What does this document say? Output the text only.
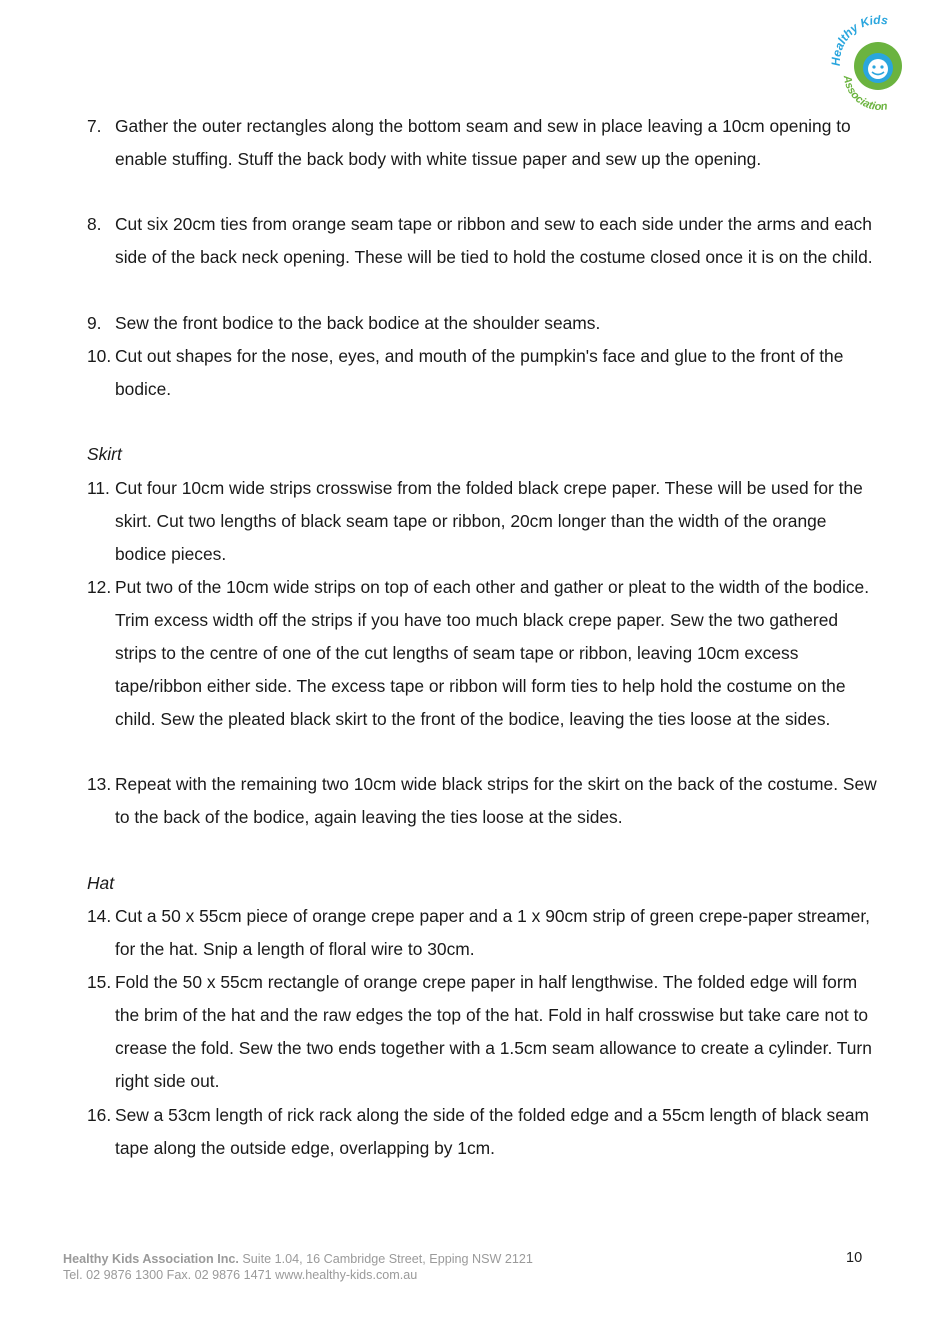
Healthy Kids
Association
7. Gather the outer rectangles along the bottom seam and sew in place leaving a 10cm opening to enable stuffing. Stuff the back body with white tissue paper and sew up the opening.
8. Cut six 20cm ties from orange seam tape or ribbon and sew to each side under the arms and each side of the back neck opening. These will be tied to hold the costume closed once it is on the child.
9. Sew the front bodice to the back bodice at the shoulder seams.
10. Cut out shapes for the nose, eyes, and mouth of the pumpkin's face and glue to the front of the bodice.
Skirt
11. Cut four 10cm wide strips crosswise from the folded black crepe paper. These will be used for the skirt. Cut two lengths of black seam tape or ribbon, 20cm longer than the width of the orange bodice pieces.
12. Put two of the 10cm wide strips on top of each other and gather or pleat to the width of the bodice. Trim excess width off the strips if you have too much black crepe paper. Sew the two gathered strips to the centre of one of the cut lengths of seam tape or ribbon, leaving 10cm excess tape/ribbon either side. The excess tape or ribbon will form ties to help hold the costume on the child. Sew the pleated black skirt to the front of the bodice, leaving the ties loose at the sides.
13. Repeat with the remaining two 10cm wide black strips for the skirt on the back of the costume. Sew to the back of the bodice, again leaving the ties loose at the sides.
Hat
14. Cut a 50 x 55cm piece of orange crepe paper and a 1 x 90cm strip of green crepe-paper streamer, for the hat. Snip a length of floral wire to 30cm.
15. Fold the 50 x 55cm rectangle of orange crepe paper in half lengthwise. The folded edge will form the brim of the hat and the raw edges the top of the hat. Fold in half crosswise but take care not to crease the fold. Sew the two ends together with a 1.5cm seam allowance to create a cylinder. Turn right side out.
16. Sew a 53cm length of rick rack along the side of the folded edge and a 55cm length of black seam tape along the outside edge, overlapping by 1cm.
Healthy Kids Association Inc. Suite 1.04, 16 Cambridge Street, Epping NSW 2121
Tel. 02 9876 1300 Fax. 02 9876 1471 www.healthy-kids.com.au
10
